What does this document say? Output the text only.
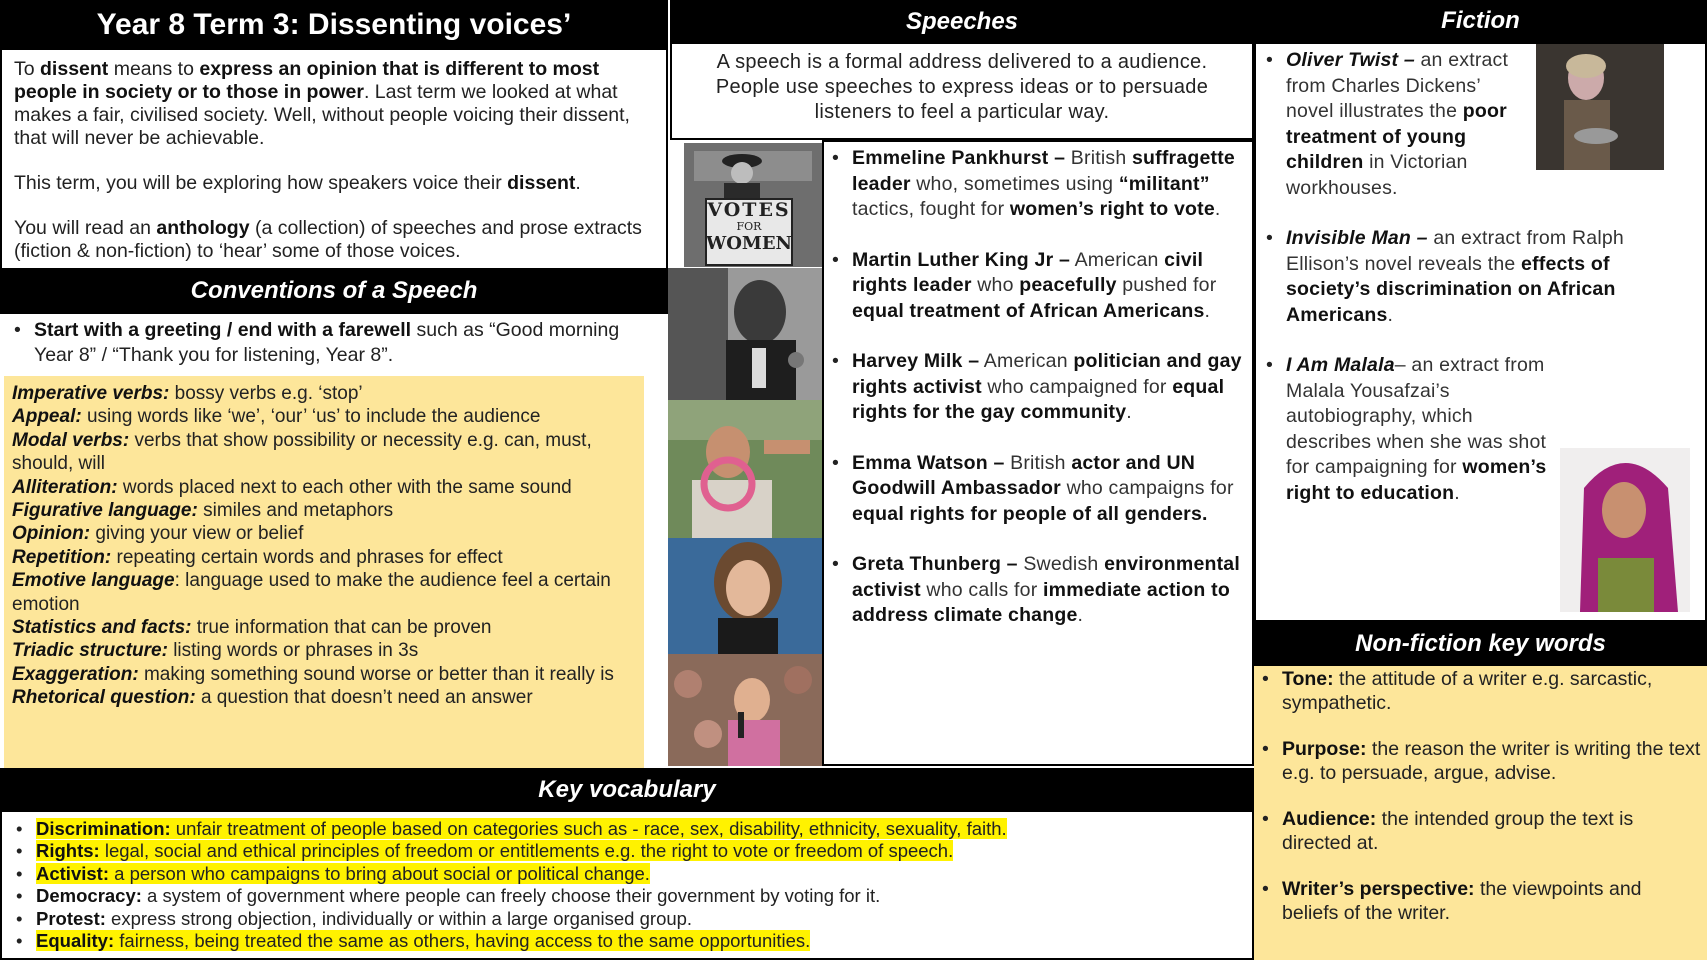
Year 8 Term 3: Dissenting voices’

To dissent means to express an opinion that is different to most people in society or to those in power. Last term we looked at what makes a fair, civilised society. Well, without people voicing their dissent, that will never be achievable.

This term, you will be exploring how speakers voice their dissent.

You will read an anthology (a collection) of speeches and prose extracts (fiction & non-fiction) to ‘hear’ some of those voices.

Conventions of a Speech
• Start with a greeting / end with a farewell such as “Good morning Year 8” / “Thank you for listening, Year 8”.
Imperative verbs: bossy verbs e.g. ‘stop’
Appeal: using words like ‘we’, ‘our’ ‘us’ to include the audience
Modal verbs: verbs that show possibility or necessity e.g. can, must, should, will
Alliteration: words placed next to each other with the same sound
Figurative language: similes and metaphors
Opinion: giving your view or belief
Repetition: repeating certain words and phrases for effect
Emotive language: language used to make the audience feel a certain emotion
Statistics and facts: true information that can be proven
Triadic structure: listing words or phrases in 3s
Exaggeration: making something sound worse or better than it really is
Rhetorical question: a question that doesn’t need an answer
Speeches
A speech is a formal address delivered to a audience. People use speeches to express ideas or to persuade listeners to feel a particular way.
VOTES
FOR
WOMEN
• Emmeline Pankhurst – British suffragette leader who, sometimes using “militant” tactics, fought for women’s right to vote.
• Martin Luther King Jr – American civil rights leader who peacefully pushed for equal treatment of African Americans.
• Harvey Milk – American politician and gay rights activist who campaigned for equal rights for the gay community.
• Emma Watson – British actor and UN Goodwill Ambassador who campaigns for equal rights for people of all genders.
• Greta Thunberg – Swedish environmental activist who calls for immediate action to address climate change.
Fiction
• Oliver Twist – an extract from Charles Dickens’ novel illustrates the poor treatment of young children in Victorian workhouses.
• Invisible Man – an extract from Ralph Ellison’s novel reveals the effects of society’s discrimination on African Americans.
• I Am Malala– an extract from Malala Yousafzai’s autobiography, which describes when she was shot for campaigning for women’s right to education.
Non-fiction key words
• Tone: the attitude of a writer e.g. sarcastic, sympathetic.
• Purpose: the reason the writer is writing the text e.g. to persuade, argue, advise.
• Audience: the intended group the text is directed at.
• Writer’s perspective: the viewpoints and beliefs of the writer.
Key vocabulary
• Discrimination: unfair treatment of people based on categories such as - race, sex, disability, ethnicity, sexuality, faith.
• Rights: legal, social and ethical principles of freedom or entitlements e.g. the right to vote or freedom of speech.
• Activist: a person who campaigns to bring about social or political change.
• Democracy: a system of government where people can freely choose their government by voting for it.
• Protest: express strong objection, individually or within a large organised group.
• Equality: fairness, being treated the same as others, having access to the same opportunities.
